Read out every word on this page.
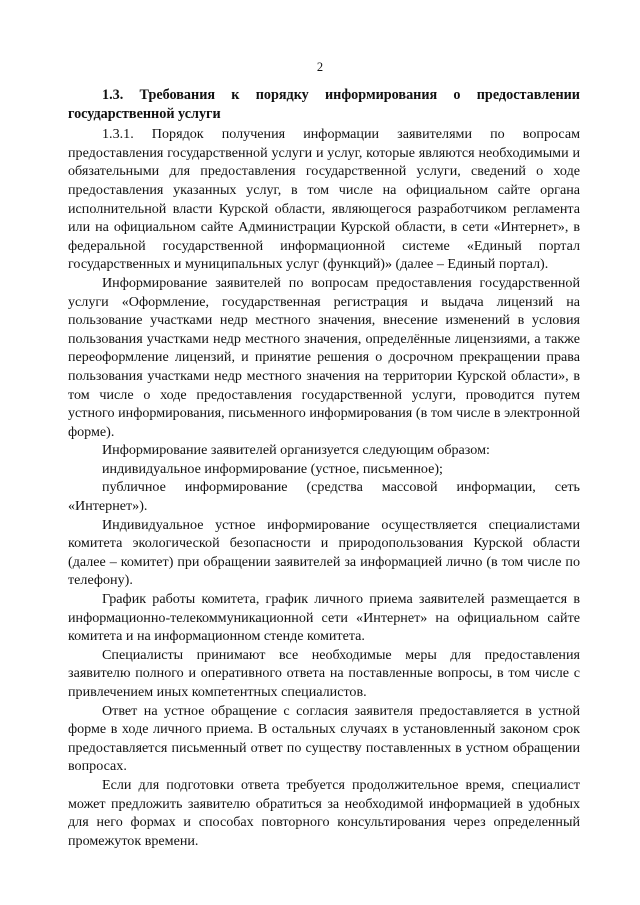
2
1.3. Требования к порядку информирования о предоставлении государственной услуги

1.3.1. Порядок получения информации заявителями по вопросам предоставления государственной услуги и услуг, которые являются необходимыми и обязательными для предоставления государственной услуги, сведений о ходе предоставления указанных услуг, в том числе на официальном сайте органа исполнительной власти Курской области, являющегося разработчиком регламента или на официальном сайте Администрации Курской области, в сети «Интернет», в федеральной государственной информационной системе «Единый портал государственных и муниципальных услуг (функций)» (далее – Единый портал).

Информирование заявителей по вопросам предоставления государственной услуги «Оформление, государственная регистрация и выдача лицензий на пользование участками недр местного значения, внесение изменений в условия пользования участками недр местного значения, определённые лицензиями, а также переоформление лицензий, и принятие решения о досрочном прекращении права пользования участками недр местного значения на территории Курской области», в том числе о ходе предоставления государственной услуги, проводится путем устного информирования, письменного информирования (в том числе в электронной форме).

Информирование заявителей организуется следующим образом:

индивидуальное информирование (устное, письменное);

публичное информирование (средства массовой информации, сеть «Интернет»).

Индивидуальное устное информирование осуществляется специалистами комитета экологической безопасности и природопользования Курской области (далее – комитет) при обращении заявителей за информацией лично (в том числе по телефону).

График работы комитета, график личного приема заявителей размещается в информационно-телекоммуникационной сети «Интернет» на официальном сайте комитета и на информационном стенде комитета.

Специалисты принимают все необходимые меры для предоставления заявителю полного и оперативного ответа на поставленные вопросы, в том числе с привлечением иных компетентных специалистов.

Ответ на устное обращение с согласия заявителя предоставляется в устной форме в ходе личного приема. В остальных случаях в установленный законом срок предоставляется письменный ответ по существу поставленных в устном обращении вопросах.

Если для подготовки ответа требуется продолжительное время, специалист может предложить заявителю обратиться за необходимой информацией в удобных для него формах и способах повторного консультирования через определенный промежуток времени.
